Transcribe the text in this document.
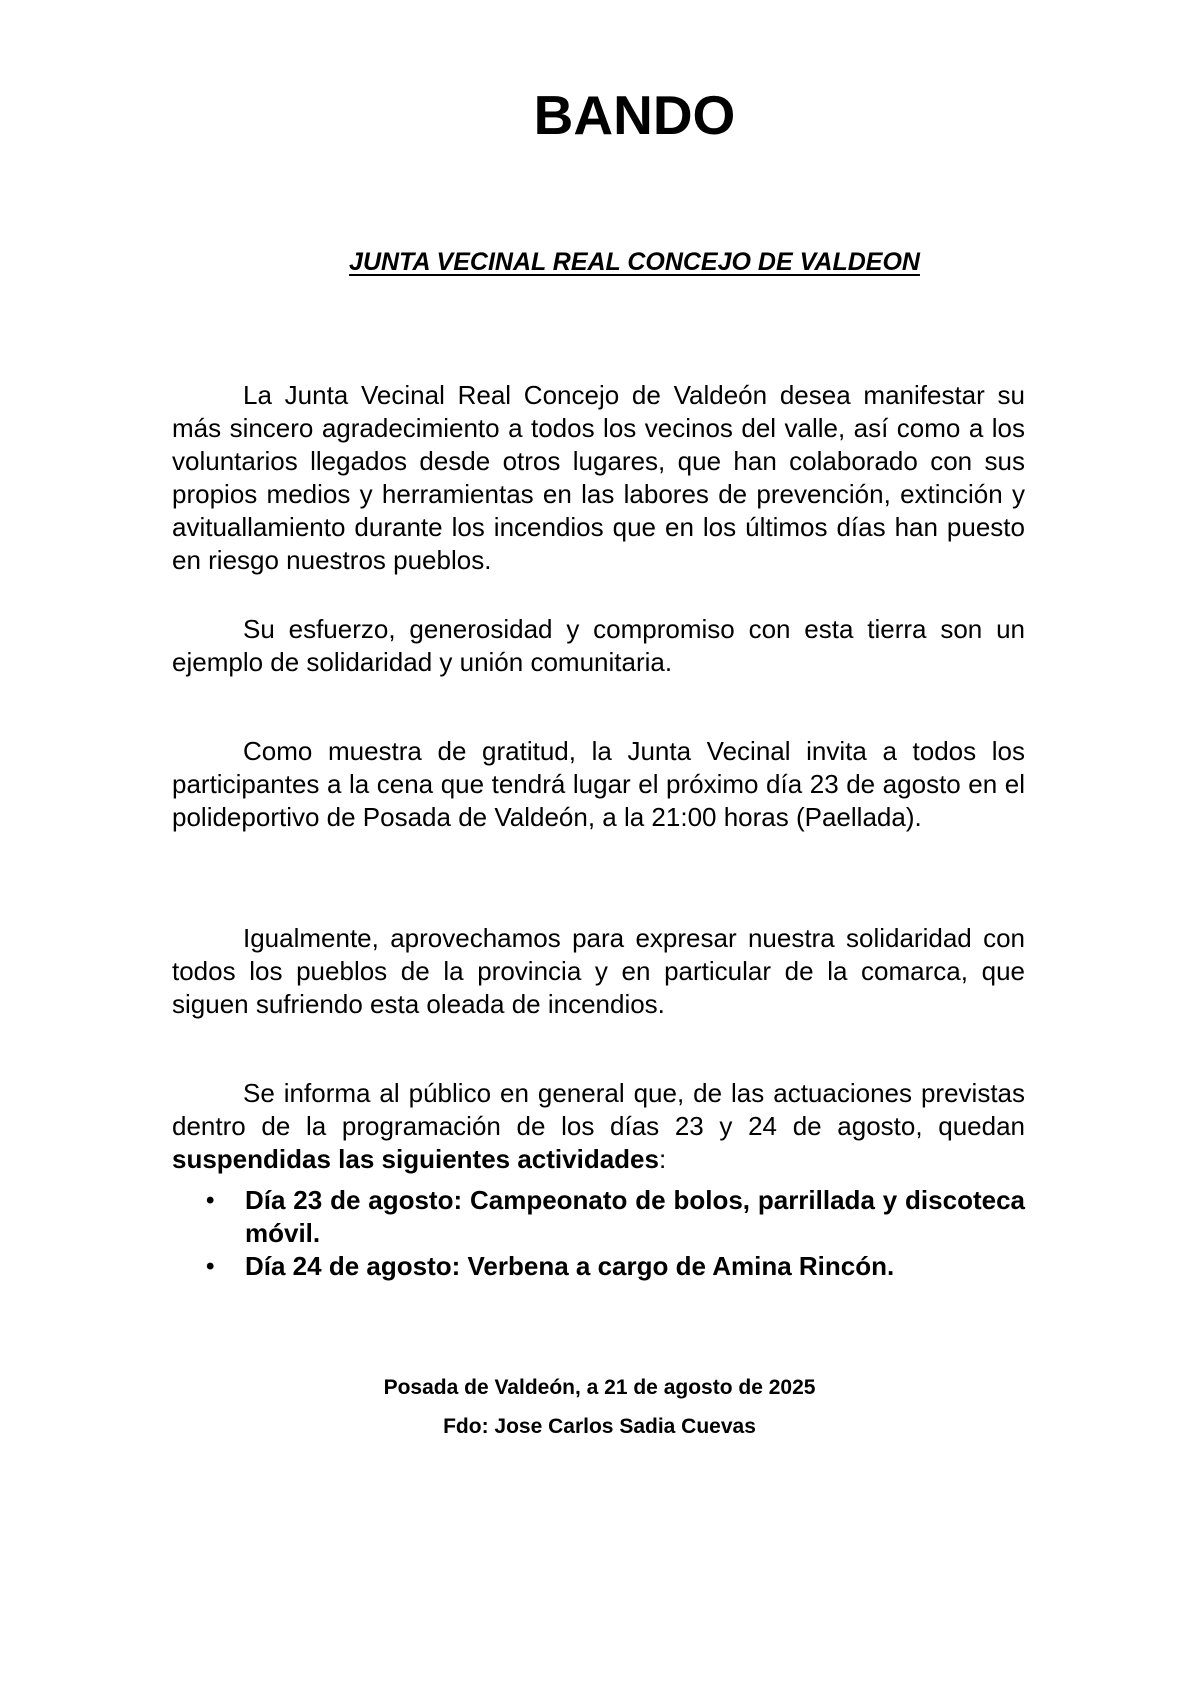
BANDO
JUNTA VECINAL REAL CONCEJO DE VALDEON

La Junta Vecinal Real Concejo de Valdeón desea manifestar su más sincero agradecimiento a todos los vecinos del valle, así como a los voluntarios llegados desde otros lugares, que han colaborado con sus propios medios y herramientas en las labores de prevención, extinción y avituallamiento durante los incendios que en los últimos días han puesto en riesgo nuestros pueblos.

Su esfuerzo, generosidad y compromiso con esta tierra son un ejemplo de solidaridad y unión comunitaria.

Como muestra de gratitud, la Junta Vecinal invita a todos los participantes a la cena que tendrá lugar el próximo día 23 de agosto en el polideportivo de Posada de Valdeón, a la 21:00 horas (Paellada).

Igualmente, aprovechamos para expresar nuestra solidaridad con todos los pueblos de la provincia y en particular de la comarca, que siguen sufriendo esta oleada de incendios.

Se informa al público en general que, de las actuaciones previstas dentro de la programación de los días 23 y 24 de agosto, quedan suspendidas las siguientes actividades:

• Día 23 de agosto: Campeonato de bolos, parrillada y discoteca móvil.
• Día 24 de agosto: Verbena a cargo de Amina Rincón.

Posada de Valdeón, a 21 de agosto de 2025

Fdo: Jose Carlos Sadia Cuevas
